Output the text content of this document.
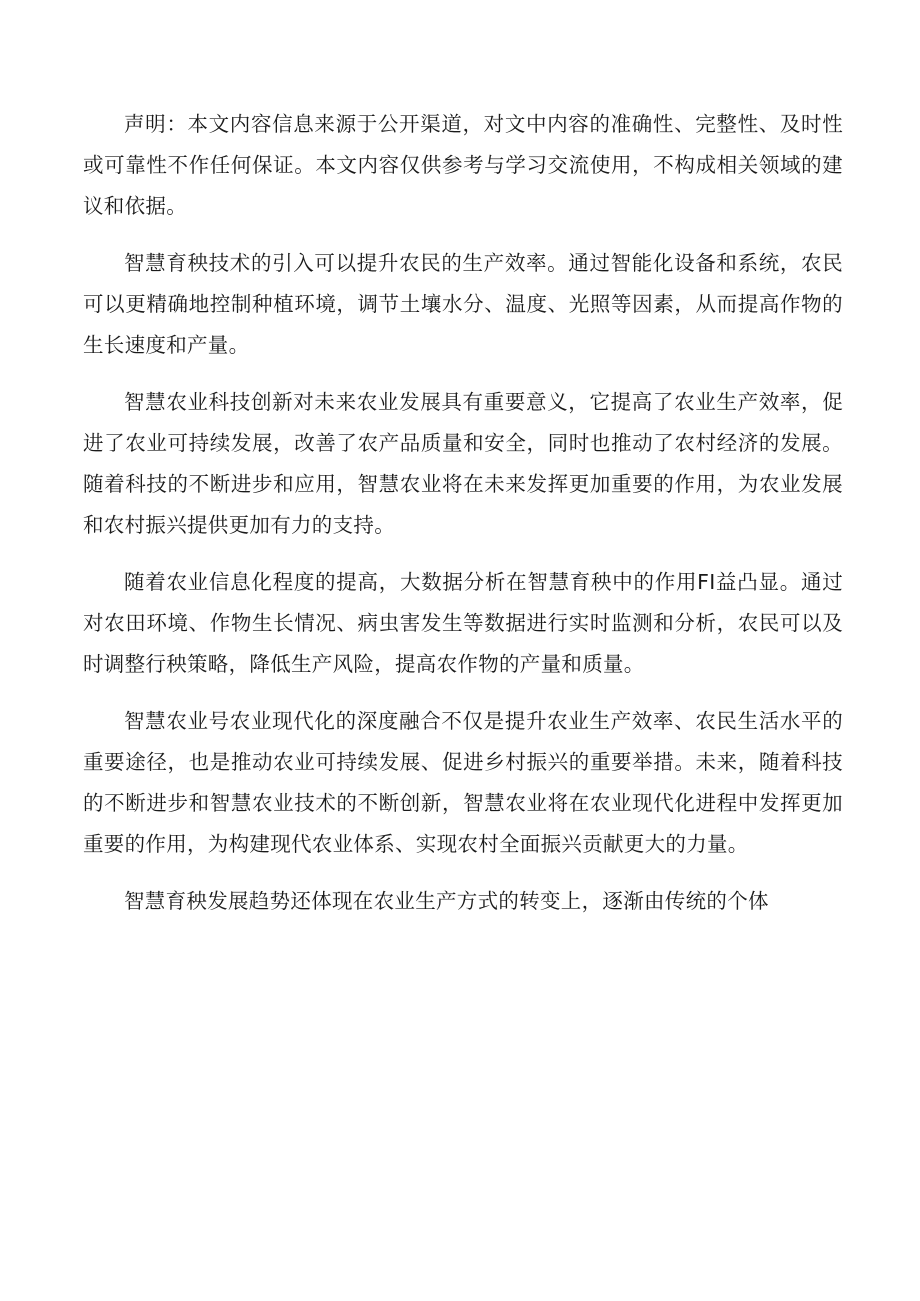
声明：本文内容信息来源于公开渠道，对文中内容的准确性、完整性、及时性或可靠性不作任何保证。本文内容仅供参考与学习交流使用，不构成相关领域的建议和依据。

智慧育秧技术的引入可以提升农民的生产效率。通过智能化设备和系统，农民可以更精确地控制种植环境，调节土壤水分、温度、光照等因素，从而提高作物的生长速度和产量。

智慧农业科技创新对未来农业发展具有重要意义，它提高了农业生产效率，促进了农业可持续发展，改善了农产品质量和安全，同时也推动了农村经济的发展。随着科技的不断进步和应用，智慧农业将在未来发挥更加重要的作用，为农业发展和农村振兴提供更加有力的支持。

随着农业信息化程度的提高，大数据分析在智慧育秧中的作用FI益凸显。通过对农田环境、作物生长情况、病虫害发生等数据进行实时监测和分析，农民可以及时调整行秧策略，降低生产风险，提高农作物的产量和质量。

智慧农业号农业现代化的深度融合不仅是提升农业生产效率、农民生活水平的重要途径，也是推动农业可持续发展、促进乡村振兴的重要举措。未来，随着科技的不断进步和智慧农业技术的不断创新，智慧农业将在农业现代化进程中发挥更加重要的作用，为构建现代农业体系、实现农村全面振兴贡献更大的力量。

智慧育秧发展趋势还体现在农业生产方式的转变上，逐渐由传统的个体
